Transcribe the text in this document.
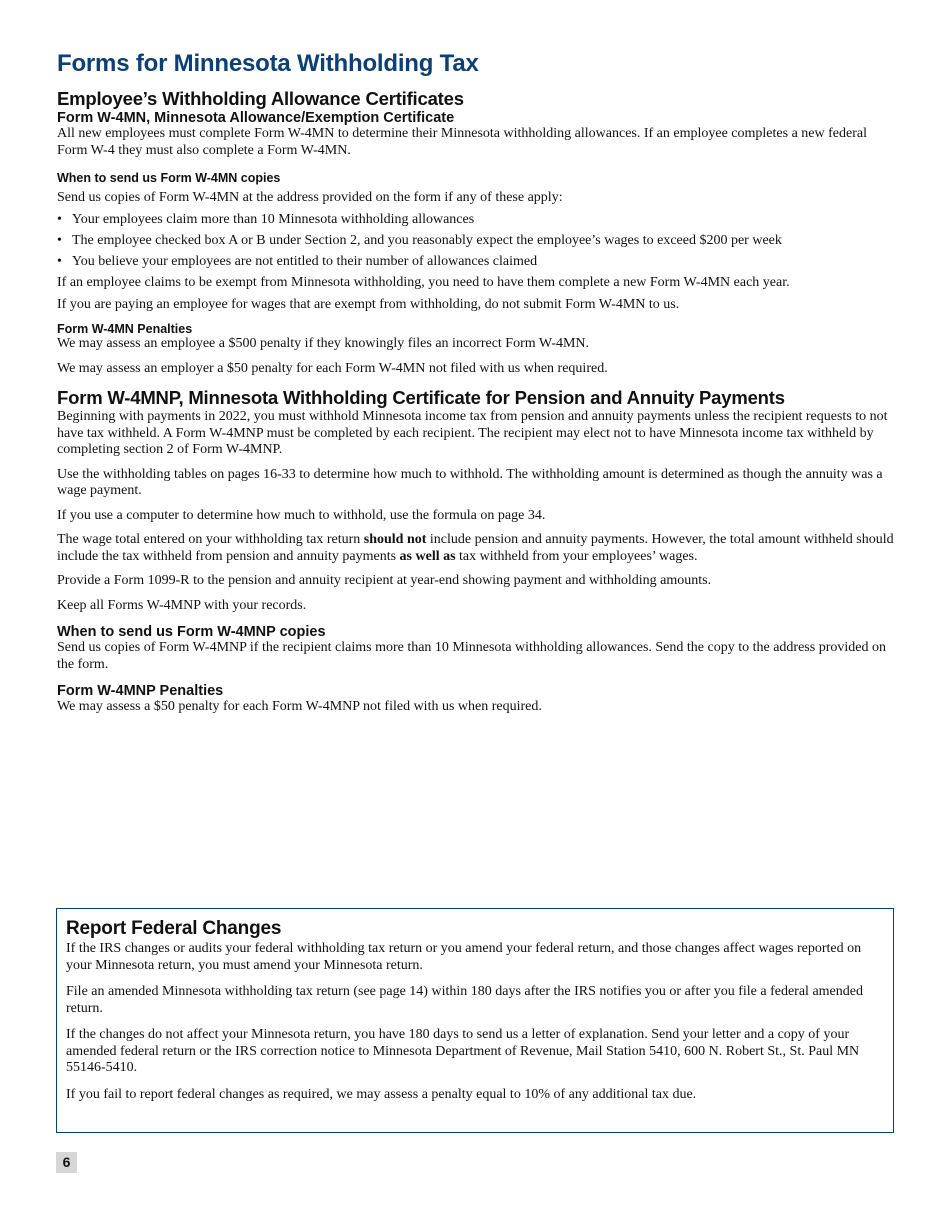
Forms for Minnesota Withholding Tax
Employee’s Withholding Allowance Certificates
Form W-4MN, Minnesota Allowance/Exemption Certificate

All new employees must complete Form W-4MN to determine their Minnesota withholding allowances. If an employee completes a new federal Form W-4 they must also complete a Form W-4MN.

When to send us Form W-4MN copies

Send us copies of Form W-4MN at the address provided on the form if any of these apply:

• Your employees claim more than 10 Minnesota withholding allowances
• The employee checked box A or B under Section 2, and you reasonably expect the employee’s wages to exceed $200 per week
• You believe your employees are not entitled to their number of allowances claimed

If an employee claims to be exempt from Minnesota withholding, you need to have them complete a new Form W-4MN each year.

If you are paying an employee for wages that are exempt from withholding, do not submit Form W-4MN to us.

Form W-4MN Penalties

We may assess an employee a $500 penalty if they knowingly files an incorrect Form W-4MN.

We may assess an employer a $50 penalty for each Form W-4MN not filed with us when required.

Form W-4MNP, Minnesota Withholding Certificate for Pension and Annuity Payments

Beginning with payments in 2022, you must withhold Minnesota income tax from pension and annuity payments unless the recipient requests to not have tax withheld. A Form W-4MNP must be completed by each recipient. The recipient may elect not to have Minnesota income tax withheld by completing section 2 of Form W-4MNP.

Use the withholding tables on pages 16-33 to determine how much to withhold. The withholding amount is determined as though the annuity was a wage payment.

If you use a computer to determine how much to withhold, use the formula on page 34.

The wage total entered on your withholding tax return should not include pension and annuity payments. However, the total amount withheld should include the tax withheld from pension and annuity payments as well as tax withheld from your employees’ wages.

Provide a Form 1099-R to the pension and annuity recipient at year-end showing payment and withholding amounts.

Keep all Forms W-4MNP with your records.

When to send us Form W-4MNP copies

Send us copies of Form W-4MNP if the recipient claims more than 10 Minnesota withholding allowances. Send the copy to the address provided on the form.

Form W-4MNP Penalties

We may assess a $50 penalty for each Form W-4MNP not filed with us when required.

Report Federal Changes

If the IRS changes or audits your federal withholding tax return or you amend your federal return, and those changes affect wages reported on your Minnesota return, you must amend your Minnesota return.

File an amended Minnesota withholding tax return (see page 14) within 180 days after the IRS notifies you or after you file a federal amended return.

If the changes do not affect your Minnesota return, you have 180 days to send us a letter of explanation. Send your letter and a copy of your amended federal return or the IRS correction notice to Minnesota Department of Revenue, Mail Station 5410, 600 N. Robert St., St. Paul MN 55146-5410.

If you fail to report federal changes as required, we may assess a penalty equal to 10% of any additional tax due.

6
